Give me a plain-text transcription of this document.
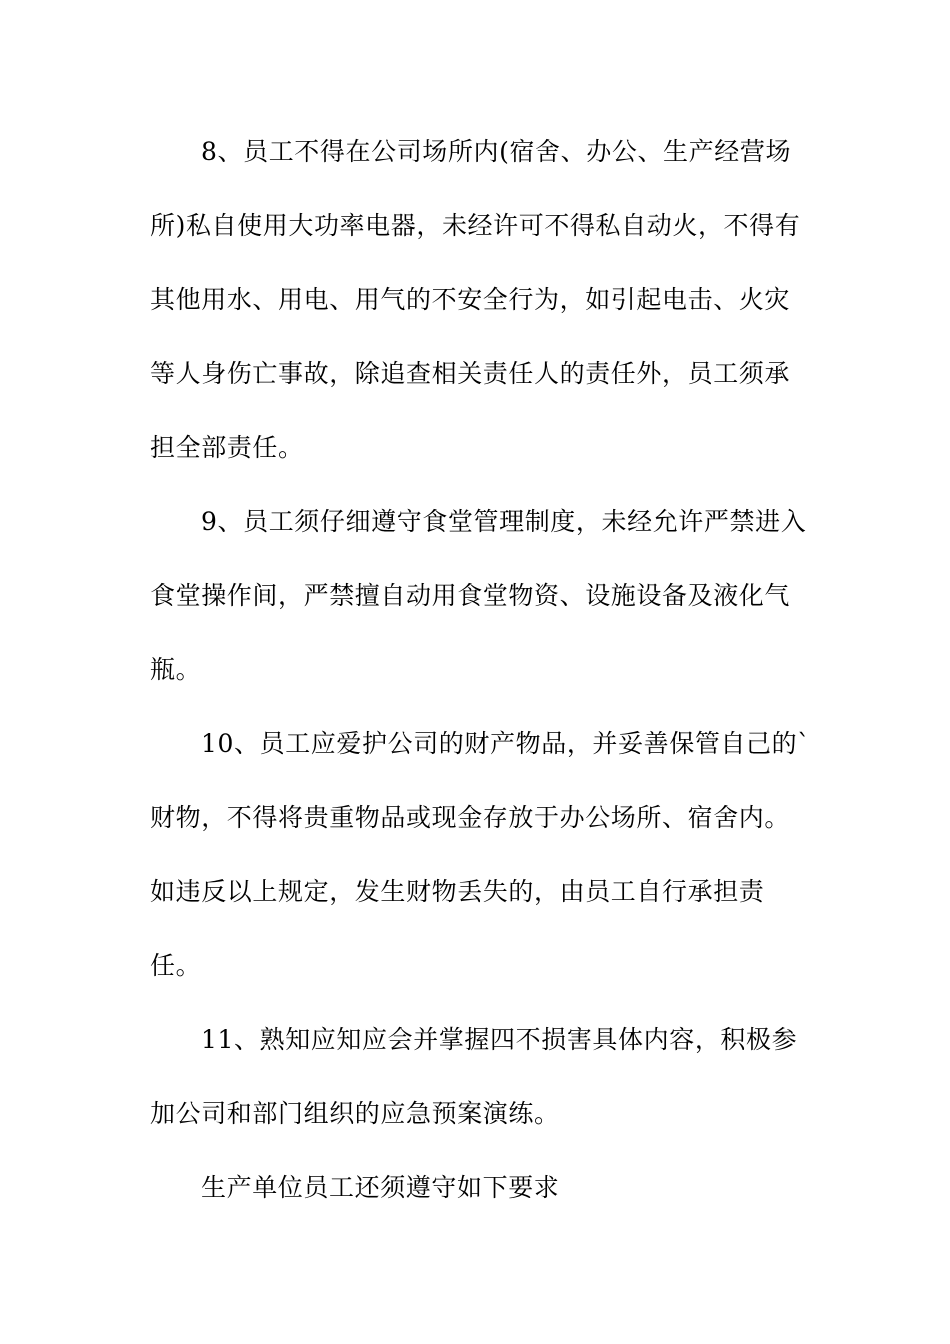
8、员工不得在公司场所内(宿舍、办公、生产经营场
所)私自使用大功率电器，未经许可不得私自动火，不得有
其他用水、用电、用气的不安全行为，如引起电击、火灾
等人身伤亡事故，除追查相关责任人的责任外，员工须承
担全部责任。
9、员工须仔细遵守食堂管理制度，未经允许严禁进入
食堂操作间，严禁擅自动用食堂物资、设施设备及液化气
瓶。
10、员工应爱护公司的财产物品，并妥善保管自己的`
财物，不得将贵重物品或现金存放于办公场所、宿舍内。
如违反以上规定，发生财物丢失的，由员工自行承担责
任。
11、熟知应知应会并掌握四不损害具体内容，积极参
加公司和部门组织的应急预案演练。
生产单位员工还须遵守如下要求
